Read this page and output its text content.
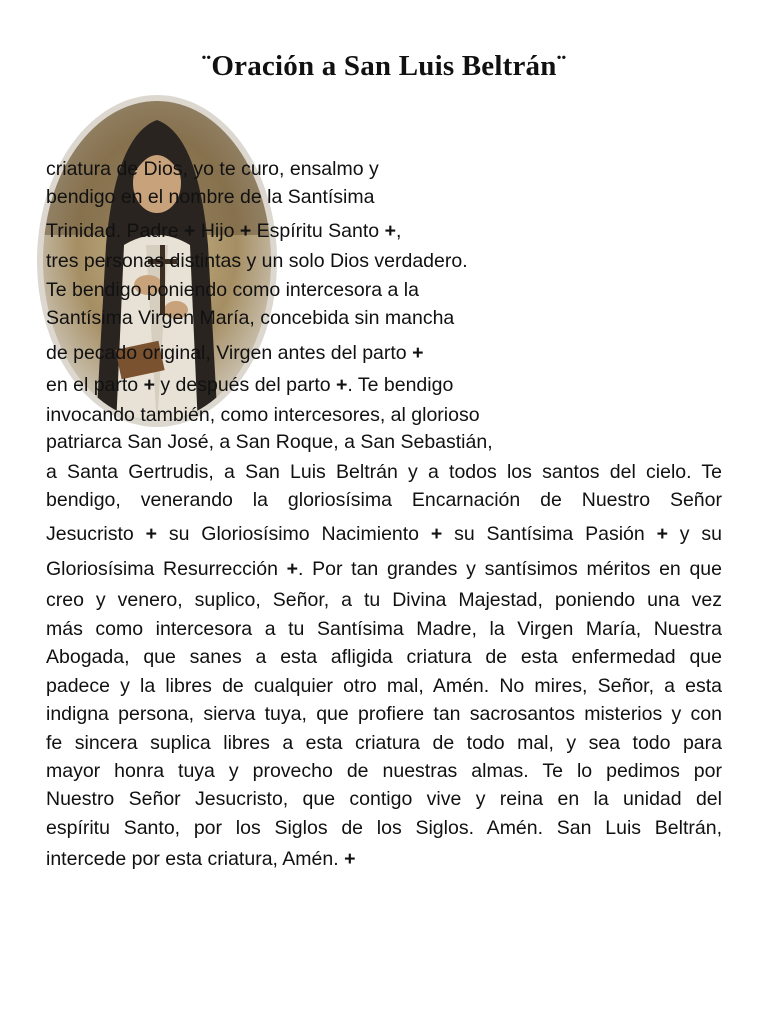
¨Oración a San Luis Beltrán¨
criatura de Dios, yo te curo, ensalmo y
bendigo en el nombre de la Santísima
Trinidad. Padre + Hijo + Espíritu Santo +,
tres personas distintas y un solo Dios verdadero.
Te bendigo poniendo como intercesora a la
Santísima Virgen María, concebida sin mancha
de pecado original, Virgen antes del parto +
en el parto + y después del parto +. Te bendigo
invocando también, como intercesores, al glorioso
patriarca San José, a San Roque, a San Sebastián,
a Santa Gertrudis, a San Luis Beltrán y a todos los santos del cielo. Te
bendigo, venerando la gloriosísima Encarnación de Nuestro Señor
Jesucristo + su Gloriosísimo Nacimiento + su Santísima Pasión + y su
Gloriosísima Resurrección +. Por tan grandes y santísimos méritos en que
creo y venero, suplico, Señor, a tu Divina Majestad, poniendo una vez
más como intercesora a tu Santísima Madre, la Virgen María, Nuestra
Abogada, que sanes a esta afligida criatura de esta enfermedad que
padece y la libres de cualquier otro mal, Amén. No mires, Señor, a esta
indigna persona, sierva tuya, que profiere tan sacrosantos misterios y con
fe sincera suplica libres a esta criatura de todo mal, y sea todo para
mayor honra tuya y provecho de nuestras almas. Te lo pedimos por
Nuestro Señor Jesucristo, que contigo vive y reina en la unidad del
espíritu Santo, por los Siglos de los Siglos. Amén. San Luis Beltrán,
intercede por esta criatura, Amén. +
